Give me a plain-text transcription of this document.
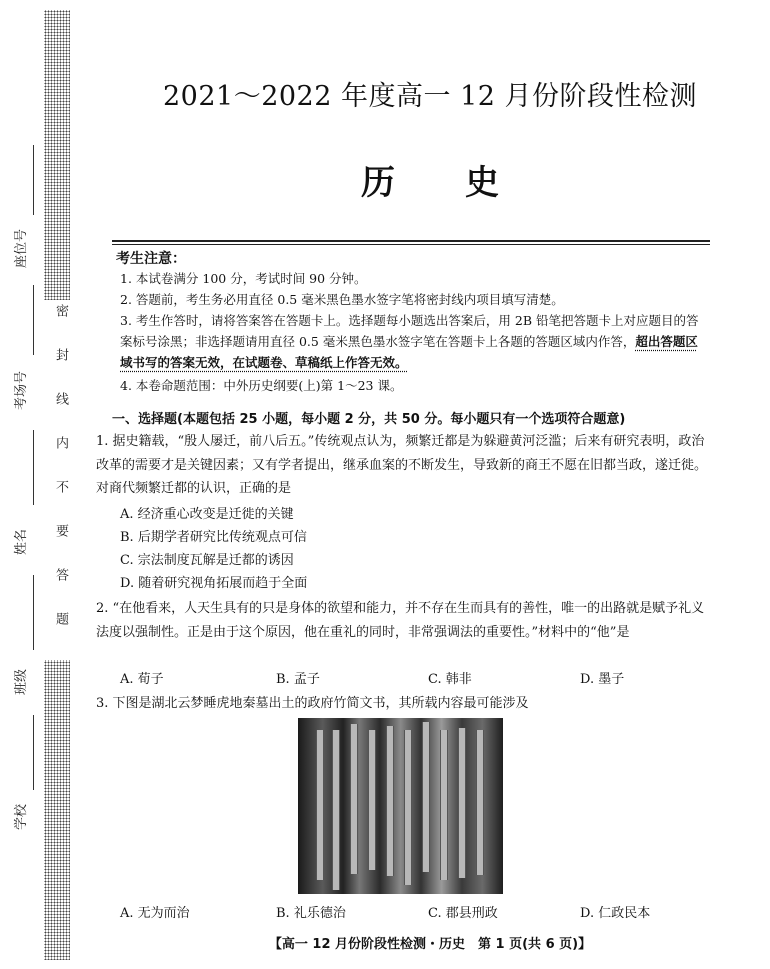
密封线内不要答题
座位号
考场号
姓名
班级
学校
2021～2022 年度高一 12 月份阶段性检测
历史
考生注意：
1. 本试卷满分 100 分，考试时间 90 分钟。
2. 答题前，考生务必用直径 0.5 毫米黑色墨水签字笔将密封线内项目填写清楚。
3. 考生作答时，请将答案答在答题卡上。选择题每小题选出答案后，用 2B 铅笔把答题卡上对应题目的答案标号涂黑；非选择题请用直径 0.5 毫米黑色墨水签字笔在答题卡上各题的答题区域内作答，超出答题区域书写的答案无效，在试题卷、草稿纸上作答无效。
4. 本卷命题范围：中外历史纲要(上)第 1～23 课。
一、选择题(本题包括 25 小题，每小题 2 分，共 50 分。每小题只有一个选项符合题意)
1. 据史籍载，“殷人屡迁，前八后五。”传统观点认为，频繁迁都是为躲避黄河泛滥；后来有研究表明，政治改革的需要才是关键因素；又有学者提出，继承血案的不断发生，导致新的商王不愿在旧都当政，遂迁徙。对商代频繁迁都的认识，正确的是
A. 经济重心改变是迁徙的关键
B. 后期学者研究比传统观点可信
C. 宗法制度瓦解是迁都的诱因
D. 随着研究视角拓展而趋于全面
2. “在他看来，人天生具有的只是身体的欲望和能力，并不存在生而具有的善性，唯一的出路就是赋予礼义法度以强制性。正是由于这个原因，他在重礼的同时，非常强调法的重要性。”材料中的“他”是
A. 荀子	B. 孟子	C. 韩非	D. 墨子
3. 下图是湖北云梦睡虎地秦墓出土的政府竹简文书，其所载内容最可能涉及
A. 无为而治	B. 礼乐德治	C. 郡县刑政	D. 仁政民本
【高一 12 月份阶段性检测・历史　第 1 页(共 6 页)】
